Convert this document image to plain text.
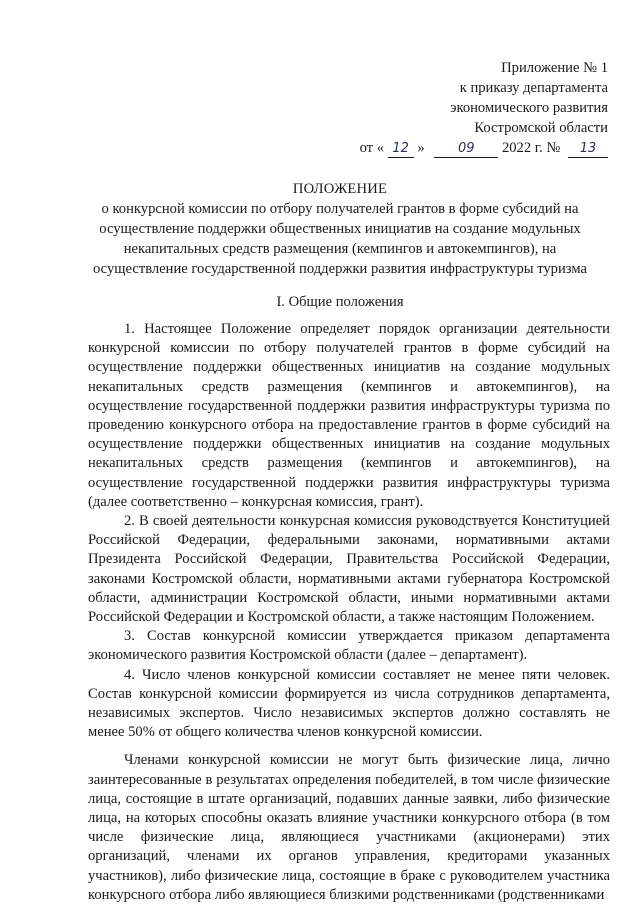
Приложение № 1
к приказу департамента
экономического развития
Костромской области
от « 12 »	09 2022 г. № 13
ПОЛОЖЕНИЕ
о конкурсной комиссии по отбору получателей грантов в форме субсидий на
осуществление поддержки общественных инициатив на создание модульных
некапитальных средств размещения (кемпингов и автокемпингов), на
осуществление государственной поддержки развития инфраструктуры туризма
I. Общие положения

1. Настоящее Положение определяет порядок организации деятельности конкурсной комиссии по отбору получателей грантов в форме субсидий на осуществление поддержки общественных инициатив на создание модульных некапитальных средств размещения (кемпингов и автокемпингов), на осуществление государственной поддержки развития инфраструктуры туризма по проведению конкурсного отбора на предоставление грантов в форме субсидий на осуществление поддержки общественных инициатив на создание модульных некапитальных средств размещения (кемпингов и автокемпингов), на осуществление государственной поддержки развития инфраструктуры туризма (далее соответственно – конкурсная комиссия, грант).

2. В своей деятельности конкурсная комиссия руководствуется Конституцией Российской Федерации, федеральными законами, нормативными актами Президента Российской Федерации, Правительства Российской Федерации, законами Костромской области, нормативными актами губернатора Костромской области, администрации Костромской области, иными нормативными актами Российской Федерации и Костромской области, а также настоящим Положением.

3. Состав конкурсной комиссии утверждается приказом департамента экономического развития Костромской области (далее – департамент).

4. Число членов конкурсной комиссии составляет не менее пяти человек. Состав конкурсной комиссии формируется из числа сотрудников департамента, независимых экспертов. Число независимых экспертов должно составлять не менее 50% от общего количества членов конкурсной комиссии.

Членами конкурсной комиссии не могут быть физические лица, лично заинтересованные в результатах определения победителей, в том числе физические лица, состоящие в штате организаций, подавших данные заявки, либо физические лица, на которых способны оказать влияние участники конкурсного отбора (в том числе физические лица, являющиеся участниками (акционерами) этих организаций, членами их органов управления, кредиторами указанных участников), либо физические лица, состоящие в браке с руководителем участника конкурсного отбора либо являющиеся близкими родственниками (родственниками
